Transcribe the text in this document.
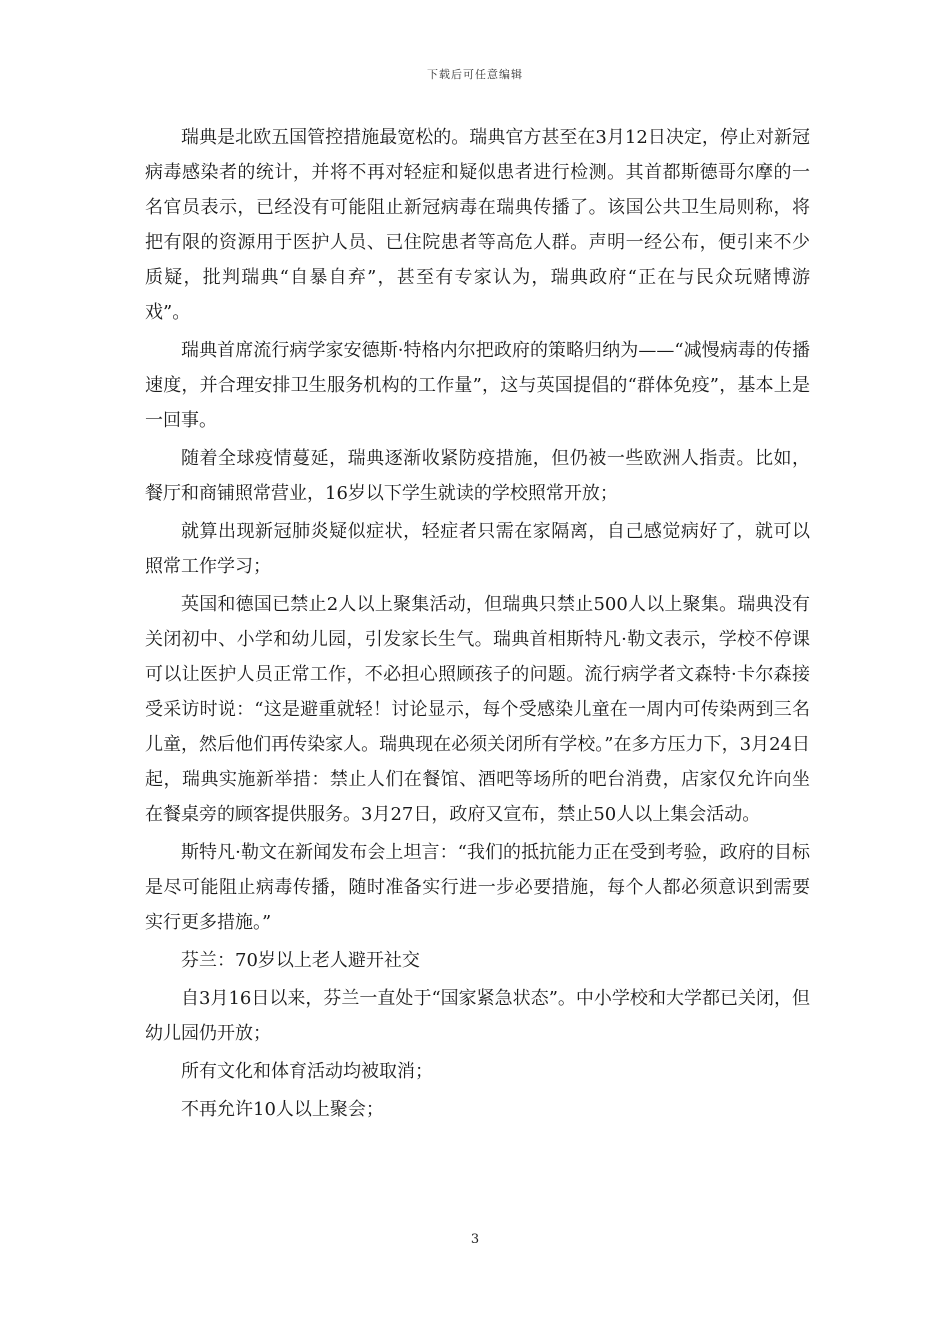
下载后可任意编辑

瑞典是北欧五国管控措施最宽松的。瑞典官方甚至在3月12日决定，停止对新冠病毒感染者的统计，并将不再对轻症和疑似患者进行检测。其首都斯德哥尔摩的一名官员表示，已经没有可能阻止新冠病毒在瑞典传播了。该国公共卫生局则称，将把有限的资源用于医护人员、已住院患者等高危人群。声明一经公布，便引来不少质疑，批判瑞典“自暴自弃”，甚至有专家认为，瑞典政府“正在与民众玩赌博游戏”。

瑞典首席流行病学家安德斯·特格内尔把政府的策略归纳为——“减慢病毒的传播速度，并合理安排卫生服务机构的工作量”，这与英国提倡的“群体免疫”，基本上是一回事。

随着全球疫情蔓延，瑞典逐渐收紧防疫措施，但仍被一些欧洲人指责。比如，餐厅和商铺照常营业，16岁以下学生就读的学校照常开放；

就算出现新冠肺炎疑似症状，轻症者只需在家隔离，自己感觉病好了，就可以照常工作学习；

英国和德国已禁止2人以上聚集活动，但瑞典只禁止500人以上聚集。瑞典没有关闭初中、小学和幼儿园，引发家长生气。瑞典首相斯特凡·勒文表示，学校不停课可以让医护人员正常工作，不必担心照顾孩子的问题。流行病学者文森特·卡尔森接受采访时说：“这是避重就轻！讨论显示，每个受感染儿童在一周内可传染两到三名儿童，然后他们再传染家人。瑞典现在必须关闭所有学校。”在多方压力下，3月24日起，瑞典实施新举措：禁止人们在餐馆、酒吧等场所的吧台消费，店家仅允许向坐在餐桌旁的顾客提供服务。3月27日，政府又宣布，禁止50人以上集会活动。

斯特凡·勒文在新闻发布会上坦言：“我们的抵抗能力正在受到考验，政府的目标是尽可能阻止病毒传播，随时准备实行进一步必要措施，每个人都必须意识到需要实行更多措施。”

芬兰：70岁以上老人避开社交

自3月16日以来，芬兰一直处于“国家紧急状态”。中小学校和大学都已关闭，但幼儿园仍开放；

所有文化和体育活动均被取消；

不再允许10人以上聚会；

3
